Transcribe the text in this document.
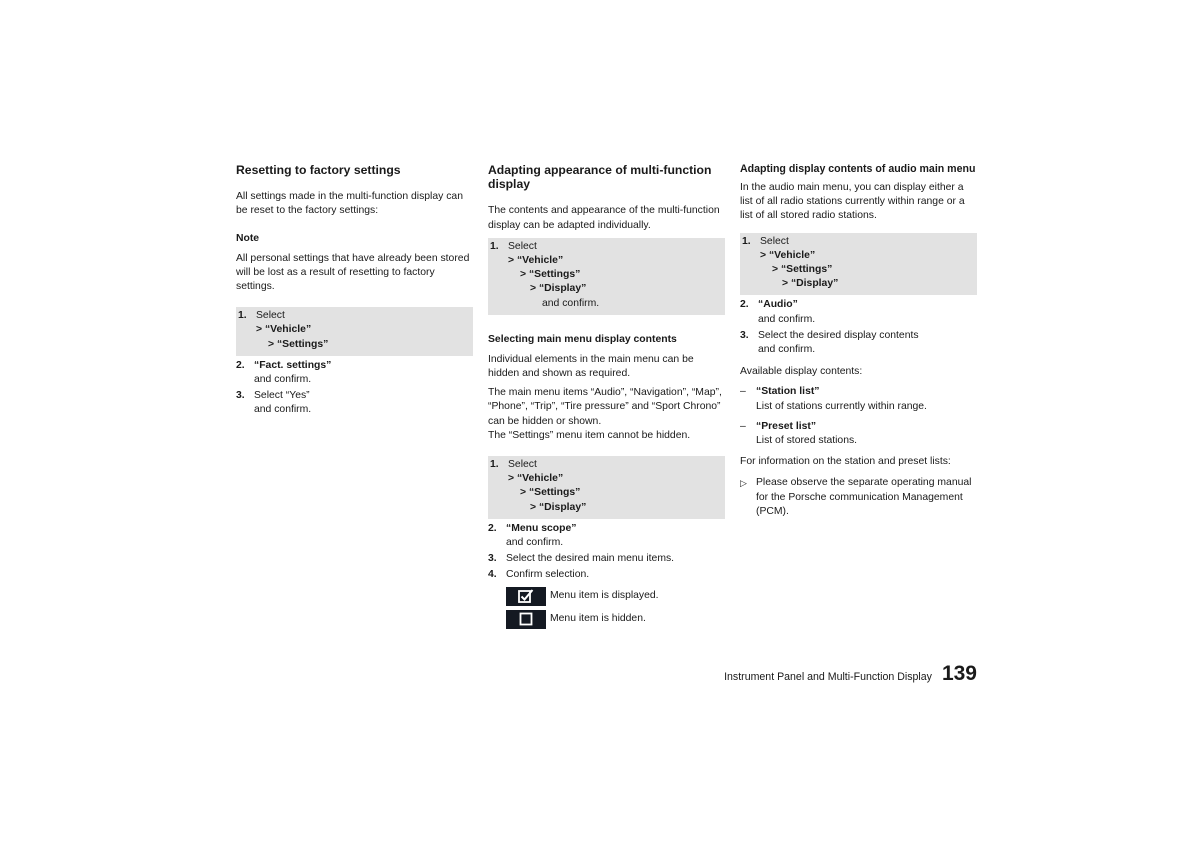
Resetting to factory settings

All settings made in the multi-function display can be reset to the factory settings:

Note

All personal settings that have already been stored will be lost as a result of resetting to factory settings.

1. Select
> “Vehicle”
> “Settings”
2. “Fact. settings”
and confirm.
3. Select “Yes”
and confirm.
Adapting appearance of multi-function display

The contents and appearance of the multi-function display can be adapted individually.

1. Select
> “Vehicle”
> “Settings”
> “Display”
and confirm.
Selecting main menu display contents

Individual elements in the main menu can be hidden and shown as required.

The main menu items “Audio”, “Navigation”, “Map”, “Phone”, “Trip”, “Tire pressure” and “Sport Chrono” can be hidden or shown.

The “Settings” menu item cannot be hidden.

1. Select
> “Vehicle”
> “Settings”
> “Display”
2. “Menu scope”
and confirm.
3. Select the desired main menu items.
4. Confirm selection.
Menu item is displayed.
Menu item is hidden.
Adapting display contents of audio main menu

In the audio main menu, you can display either a list of all radio stations currently within range or a list of all stored radio stations.

1. Select
> “Vehicle”
> “Settings”
> “Display”
2. “Audio”
and confirm.
3. Select the desired display contents
and confirm.

Available display contents:

– “Station list”
List of stations currently within range.
– “Preset list”
List of stored stations.

For information on the station and preset lists:

▷ Please observe the separate operating manual for the Porsche communication Management (PCM).
Instrument Panel and Multi-Function Display 139
